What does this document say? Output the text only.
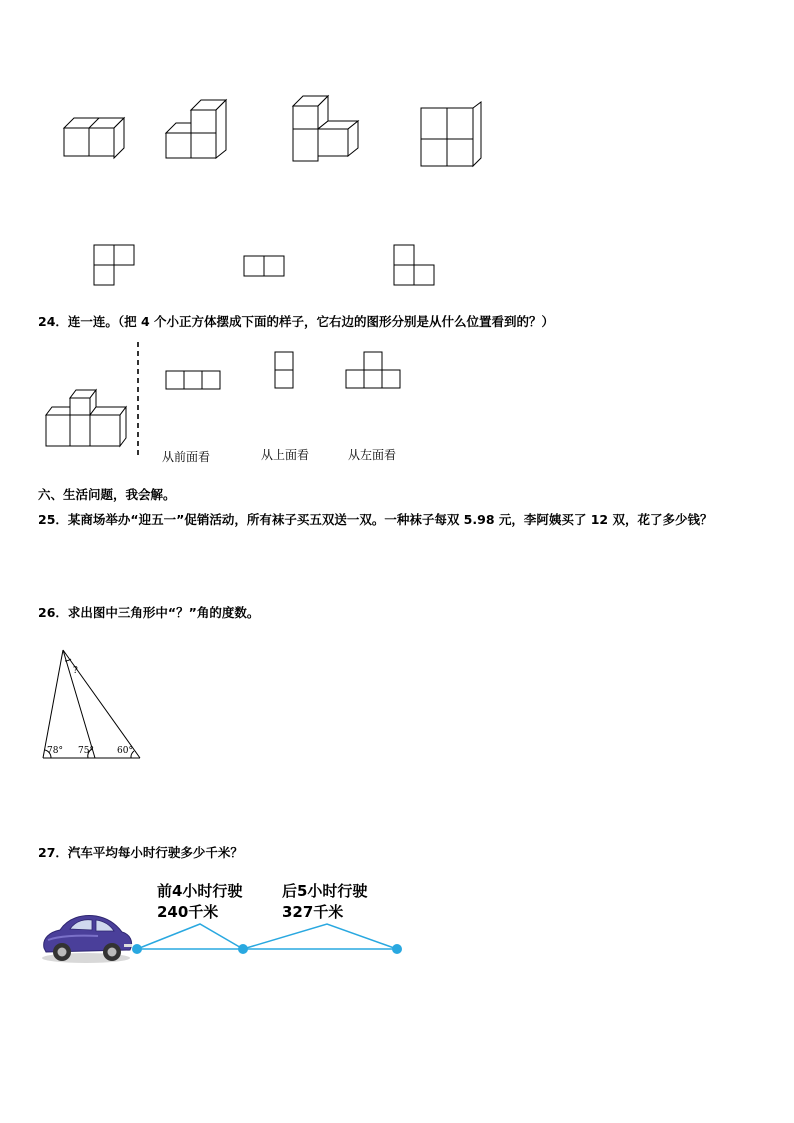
24．连一连。（把 4 个小正方体摆成下面的样子，它右边的图形分别是从什么位置看到的？）
从前面看	从上面看	从左面看
六、生活问题，我会解。
25．某商场举办“迎五一”促销活动，所有袜子买五双送一双。一种袜子每双 5.98 元，李阿姨买了 12 双，花了多少钱？
26．求出图中三角形中“？”角的度数。
78° 75°	60°
?
27．汽车平均每小时行驶多少千米？
前4小时行驶
240千米
后5小时行驶
327千米
